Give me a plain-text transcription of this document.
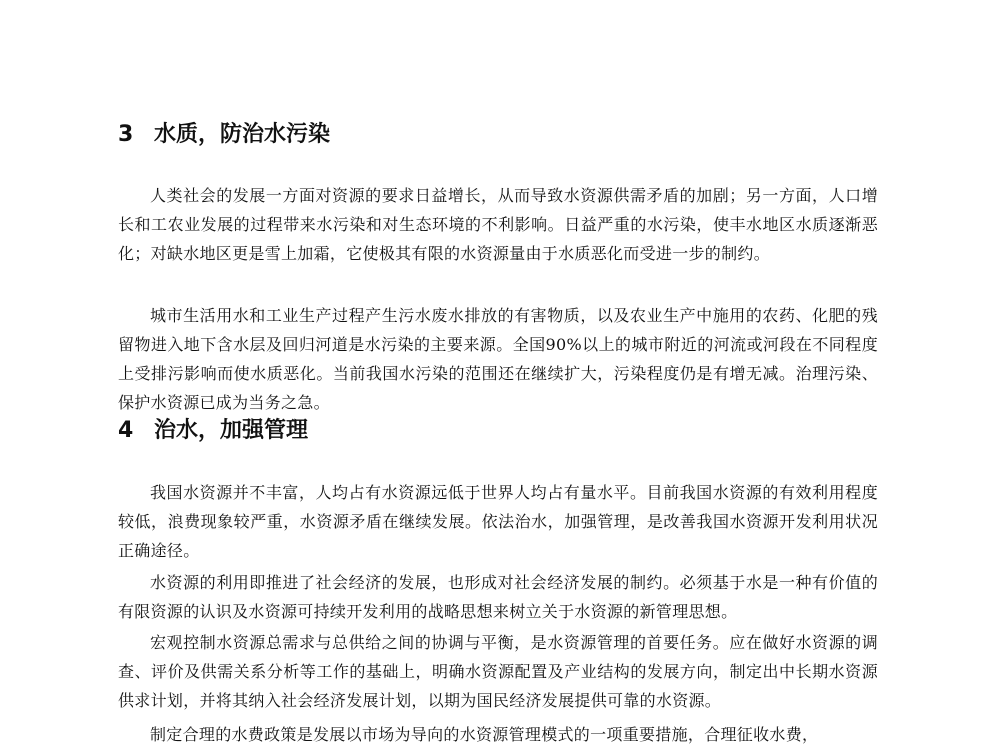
3 水质，防治水污染

人类社会的发展一方面对资源的要求日益增长，从而导致水资源供需矛盾的加剧；另一方面，人口增长和工农业发展的过程带来水污染和对生态环境的不利影响。日益严重的水污染，使丰水地区水质逐渐恶化；对缺水地区更是雪上加霜，它使极其有限的水资源量由于水质恶化而受进一步的制约。

城市生活用水和工业生产过程产生污水废水排放的有害物质，以及农业生产中施用的农药、化肥的残留物进入地下含水层及回归河道是水污染的主要来源。全国90%以上的城市附近的河流或河段在不同程度上受排污影响而使水质恶化。当前我国水污染的范围还在继续扩大，污染程度仍是有增无减。治理污染、保护水资源已成为当务之急。

4 治水，加强管理

我国水资源并不丰富，人均占有水资源远低于世界人均占有量水平。目前我国水资源的有效利用程度较低，浪费现象较严重，水资源矛盾在继续发展。依法治水，加强管理，是改善我国水资源开发利用状况正确途径。

水资源的利用即推进了社会经济的发展，也形成对社会经济发展的制约。必须基于水是一种有价值的有限资源的认识及水资源可持续开发利用的战略思想来树立关于水资源的新管理思想。

宏观控制水资源总需求与总供给之间的协调与平衡，是水资源管理的首要任务。应在做好水资源的调查、评价及供需关系分析等工作的基础上，明确水资源配置及产业结构的发展方向，制定出中长期水资源供求计划，并将其纳入社会经济发展计划，以期为国民经济发展提供可靠的水资源。

制定合理的水费政策是发展以市场为导向的水资源管理模式的一项重要措施，合理征收水费，
